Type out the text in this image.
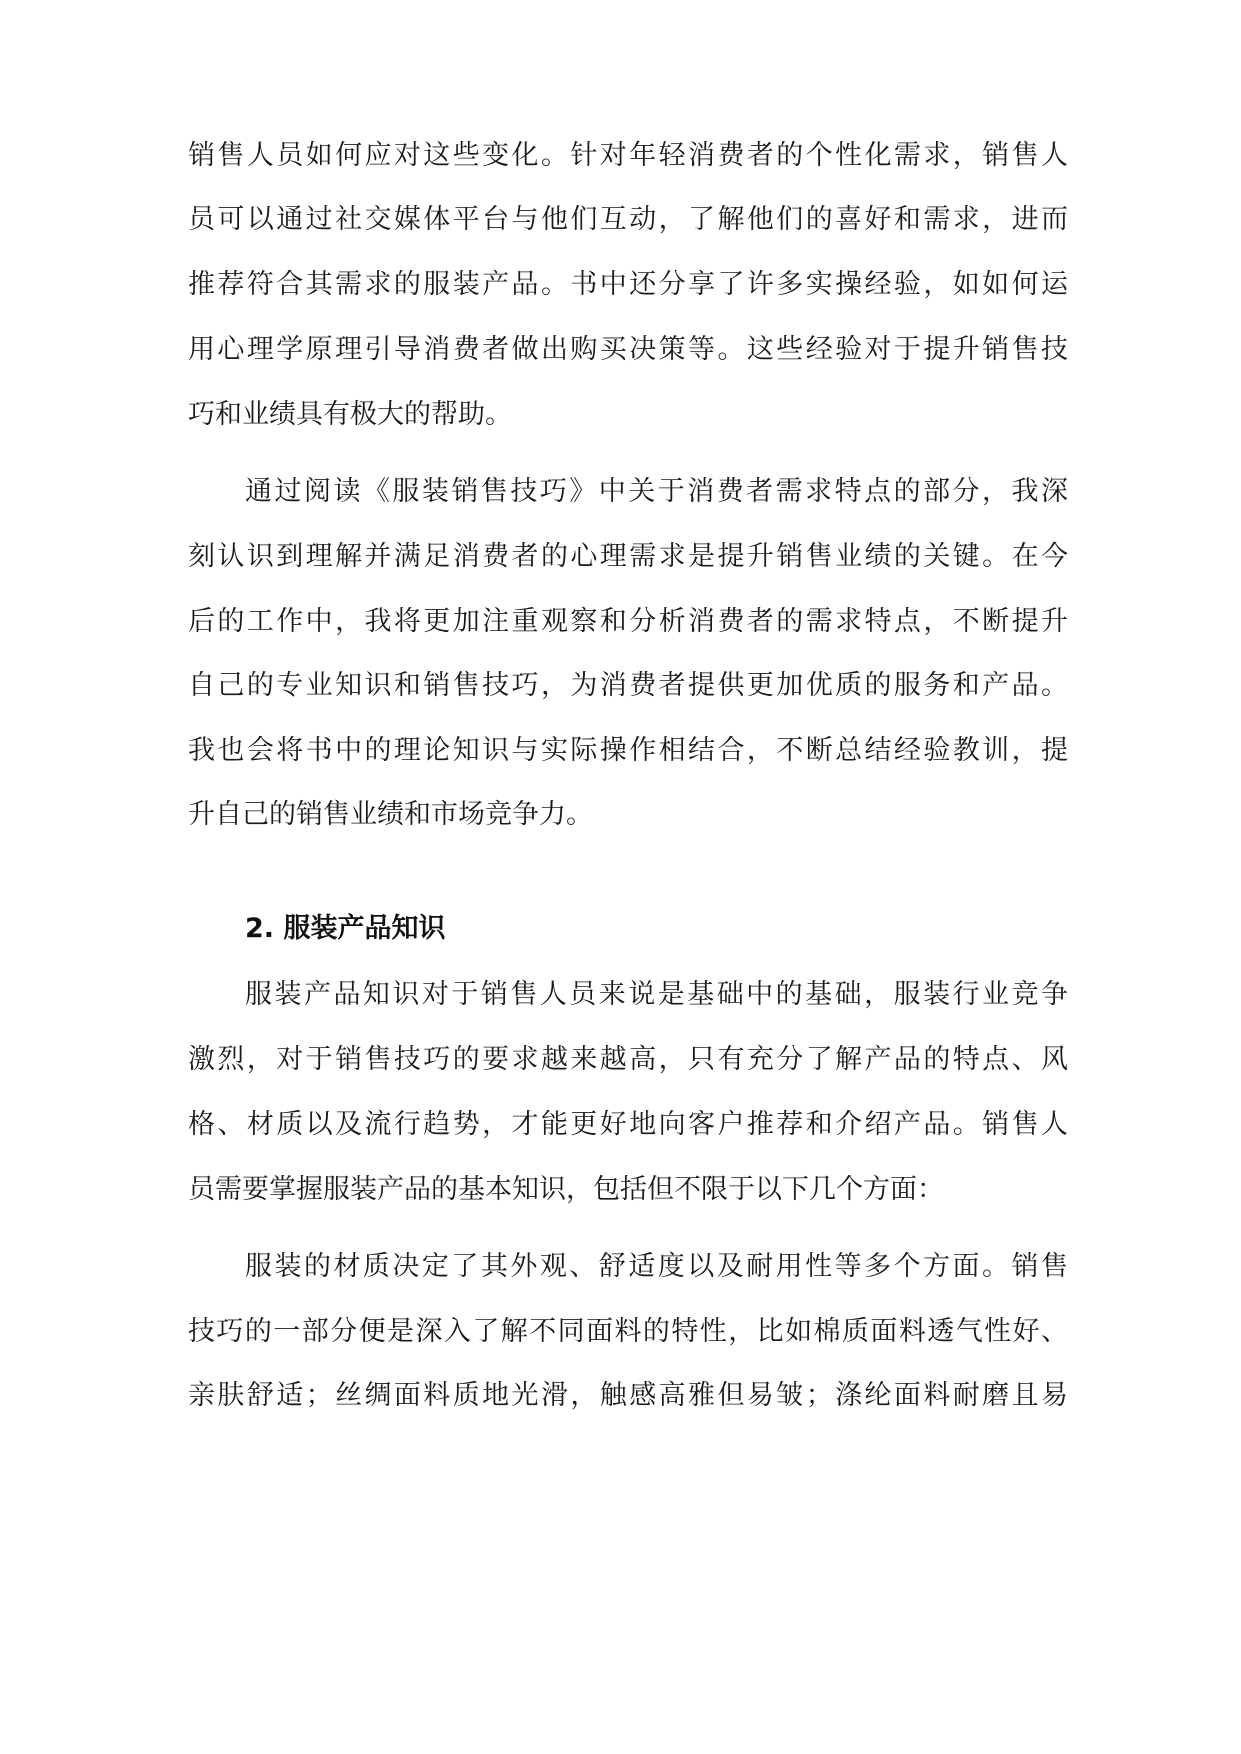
销售人员如何应对这些变化。针对年轻消费者的个性化需求，销售人
员可以通过社交媒体平台与他们互动，了解他们的喜好和需求，进而
推荐符合其需求的服装产品。书中还分享了许多实操经验，如如何运
用心理学原理引导消费者做出购买决策等。这些经验对于提升销售技
巧和业绩具有极大的帮助。
通过阅读《服装销售技巧》中关于消费者需求特点的部分，我深
刻认识到理解并满足消费者的心理需求是提升销售业绩的关键。在今
后的工作中，我将更加注重观察和分析消费者的需求特点，不断提升
自己的专业知识和销售技巧，为消费者提供更加优质的服务和产品。
我也会将书中的理论知识与实际操作相结合，不断总结经验教训，提
升自己的销售业绩和市场竞争力。
2. 服装产品知识
服装产品知识对于销售人员来说是基础中的基础，服装行业竞争
激烈，对于销售技巧的要求越来越高，只有充分了解产品的特点、风
格、材质以及流行趋势，才能更好地向客户推荐和介绍产品。销售人
员需要掌握服装产品的基本知识，包括但不限于以下几个方面：
服装的材质决定了其外观、舒适度以及耐用性等多个方面。销售
技巧的一部分便是深入了解不同面料的特性，比如棉质面料透气性好、
亲肤舒适；丝绸面料质地光滑，触感高雅但易皱；涤纶面料耐磨且易
